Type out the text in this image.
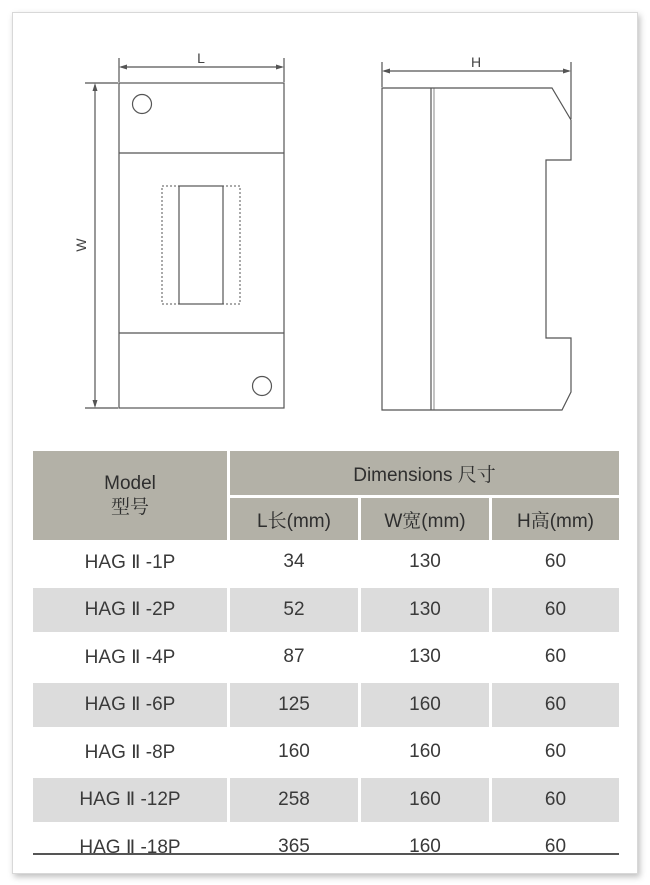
L
W
H
Model
型号	Dimensions 尺寸		
	L长(mm)	W宽(mm)	H高(mm)
HAG Ⅱ -1P	34	130	60
HAG Ⅱ -2P	52	130	60
HAG Ⅱ -4P	87	130	60
HAG Ⅱ -6P	125	160	60
HAG Ⅱ -8P	160	160	60
HAG Ⅱ -12P	258	160	60
HAG Ⅱ -18P	365	160	60
